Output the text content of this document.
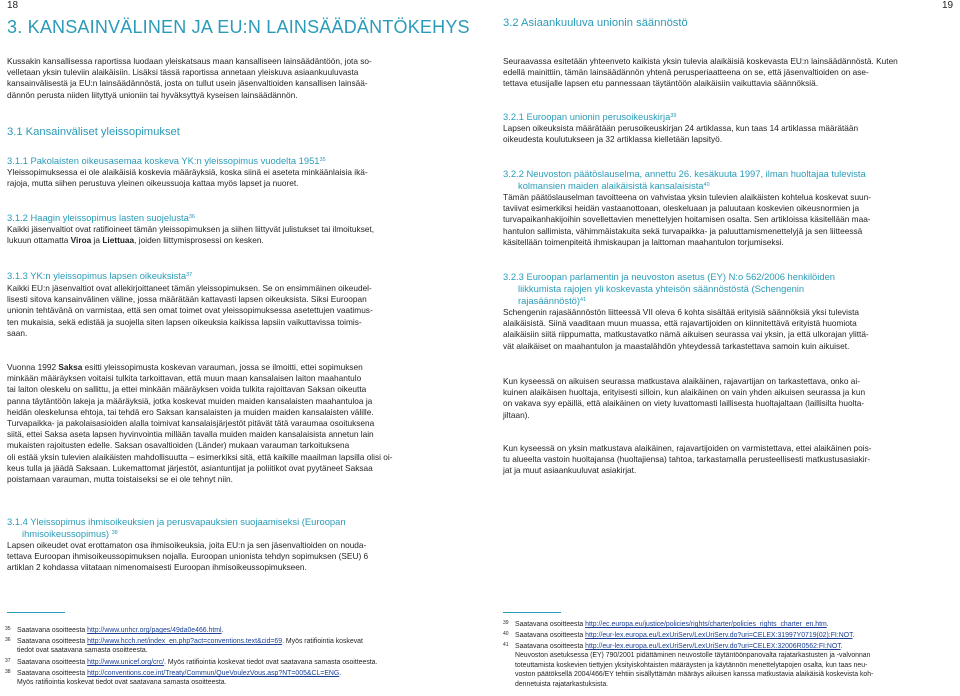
18
3. KANSAINVÄLINEN JA EU:N LAINSÄÄDÄNTÖKEHYS
Kussakin kansallisessa raportissa luodaan yleiskatsaus maan kansalliseen lainsäädäntöön, jota so-
velletaan yksin tuleviin alaikäisiin. Lisäksi tässä raportissa annetaan yleiskuva asiaankuuluvasta
kansainvälisestä ja EU:n lainsäädännöstä, josta on tullut usein jäsenvaltioiden kansallisen lainsää-
dännön perusta niiden liityttyä unioniin tai hyväksyttyä kyseisen lainsäädännön.
3.1 Kansainväliset yleissopimukset
3.1.1 Pakolaisten oikeusasemaa koskeva YK:n yleissopimus vuodelta 1951$^{35}$
Yleissopimuksessa ei ole alaikäisiä koskevia määräyksiä, koska siinä ei aseteta minkäänlaisia ikä-
rajoja, mutta siihen perustuva yleinen oikeussuoja kattaa myös lapset ja nuoret.
3.1.2 Haagin yleissopimus lasten suojelusta$^{36}$
Kaikki jäsenvaltiot ovat ratifioineet tämän yleissopimuksen ja siihen liittyvät julistukset tai ilmoitukset,
lukuun ottamatta Viroa ja Liettuaa, joiden liittymisprosessi on kesken.
3.1.3 YK:n yleissopimus lapsen oikeuksista$^{37}$
Kaikki EU:n jäsenvaltiot ovat allekirjoittaneet tämän yleissopimuksen. Se on ensimmäinen oikeudel-
lisesti sitova kansainvälinen väline, jossa määrätään kattavasti lapsen oikeuksista. Siksi Euroopan
unionin tehtävänä on varmistaa, että sen omat toimet ovat yleissopimuksessa asetettujen vaatimus-
ten mukaisia, sekä edistää ja suojella siten lapsen oikeuksia kaikissa lapsiin vaikuttavissa toimis-
saan.
Vuonna 1992 Saksa esitti yleissopimusta koskevan varauman, jossa se ilmoitti, ettei sopimuksen
minkään määräyksen voitaisi tulkita tarkoittavan, että muun maan kansalaisen laiton maahantulo
tai laiton oleskelu on sallittu, ja ettei minkään määräyksen voida tulkita rajoittavan Saksan oikeutta
panna täytäntöön lakeja ja määräyksiä, jotka koskevat muiden maiden kansalaisten maahantuloa ja
heidän oleskelunsa ehtoja, tai tehdä ero Saksan kansalaisten ja muiden maiden kansalaisten välille.
Turvapaikka- ja pakolaisasioiden alalla toimivat kansalaisjärjestöt pitävät tätä varaumaa osoituksena
siitä, ettei Saksa aseta lapsen hyvinvointia millään tavalla muiden maiden kansalaisista annetun lain
mukaisten rajoitusten edelle. Saksan osavaltioiden (Länder) mukaan varauman tarkoituksena
oli estää yksin tulevien alaikäisten mahdollisuutta – esimerkiksi sitä, että kaikille maailman lapsilla olisi oi-
keus tulla ja jäädä Saksaan. Lukemattomat järjestöt, asiantuntijat ja poliitikot ovat pyytäneet Saksaa
poistamaan varauman, mutta toistaiseksi se ei ole tehnyt niin.
3.1.4 Yleissopimus ihmisoikeuksien ja perusvapauksien suojaamiseksi (Euroopan
ihmisoikeussopimus) $^{38}$
Lapsen oikeudet ovat erottamaton osa ihmisoikeuksia, joita EU:n ja sen jäsenvaltioiden on nouda-
tettava Euroopan ihmisoikeussopimuksen nojalla. Euroopan unionista tehdyn sopimuksen (SEU) 6
artiklan 2 kohdassa viitataan nimenomaisesti Euroopan ihmisoikeussopimukseen.
35 Saatavana osoitteesta http://www.unhcr.org/pages/49da0e466.html.
36 Saatavana osoitteesta http://www.hcch.net/index_en.php?act=conventions.text&cid=69. Myös ratifiointia koskevat
tiedot ovat saatavana samasta osoitteesta.
37 Saatavana osoitteesta http://www.unicef.org/crc/. Myös ratifiointia koskevat tiedot ovat saatavana samasta osoitteesta.
38 Saatavana osoitteesta http://conventions.coe.int/Treaty/Commun/QueVoulezVous.asp?NT=005&CL=ENG.
Myös ratifiointia koskevat tiedot ovat saatavana samasta osoitteesta.
19
3.2 Asiaankuuluva unionin säännöstö
Seuraavassa esitetään yhteenveto kaikista yksin tulevia alaikäisiä koskevasta EU:n lainsäädännöstä. Kuten
edellä mainittiin, tämän lainsäädännön yhtenä perusperiaatteena on se, että jäsenvaltioiden on ase-
tettava etusijalle lapsen etu pannessaan täytäntöön alaikäisiin vaikuttavia säännöksiä.
3.2.1 Euroopan unionin perusoikeuskirja$^{39}$
Lapsen oikeuksista määrätään perusoikeuskirjan 24 artiklassa, kun taas 14 artiklassa määrätään
oikeudesta koulutukseen ja 32 artiklassa kielletään lapsityö.
3.2.2 Neuvoston päätöslauselma, annettu 26. kesäkuuta 1997, ilman huoltajaa tulevista
kolmansien maiden alaikäisistä kansalaisista$^{40}$
Tämän päätöslauselman tavoitteena on vahvistaa yksin tulevien alaikäisten kohtelua koskevat suun-
taviivat esimerkiksi heidän vastaanottoaan, oleskeluaan ja paluutaan koskevien oikeusnormien ja
turvapaikanhakijoihin sovellettavien menettelyjen hoitamisen osalta. Sen artikloissa käsitellään maa-
hantulon sallimista, vähimmäistakuita sekä turvapaikka- ja paluuttamismenettelyjä ja sen liitteessä
käsitellään toimenpiteitä ihmiskaupan ja laittoman maahantulon torjumiseksi.
3.2.3 Euroopan parlamentin ja neuvoston asetus (EY) N:o 562/2006 henkilöiden
liikkumista rajojen yli koskevasta yhteisön säännöstöstä (Schengenin
rajasäännöstö)$^{41}$
Schengenin rajasäännöstön liitteessä VII oleva 6 kohta sisältää erityisiä säännöksiä yksi tulevista
alaikäisistä. Siinä vaaditaan muun muassa, että rajavartijoiden on kiinnitettävä erityistä huomiota
alaikäisiin siitä riippumatta, matkustavatko nämä aikuisen seurassa vai yksin, ja että ulkorajan ylittä-
vät alaikäiset on maahantulon ja maastalähdön yhteydessä tarkastettava samoin kuin aikuiset.
Kun kyseessä on aikuisen seurassa matkustava alaikäinen, rajavartijan on tarkastettava, onko ai-
kuinen alaikäisen huoltaja, erityisesti silloin, kun alaikäinen on vain yhden aikuisen seurassa ja kun
on vakava syy epäillä, että alaikäinen on viety luvattomasti laillisesta huoltajaltaan (laillisilta huolta-
jiltaan).
Kun kyseessä on yksin matkustava alaikäinen, rajavartijoiden on varmistettava, ettei alaikäinen pois-
tu alueelta vastoin huoltajansa (huoltajiensa) tahtoa, tarkastamalla perusteellisesti matkustusasiakir-
jat ja muut asiaankuuluvat asiakirjat.
39 Saatavana osoitteesta http://ec.europa.eu/justice/policies/rights/charter/policies_rights_charter_en.htm.
40 Saatavana osoitteesta http://eur-lex.europa.eu/LexUriServ/LexUriServ.do?uri=CELEX:31997Y0719(02):FI:NOT.
41 Saatavana osoitteesta http://eur-lex.europa.eu/LexUriServ/LexUriServ.do?uri=CELEX:32006R0562:FI:NOT.
Neuvoston asetuksessa (EY) 790/2001 pidättäminen neuvostolle täytäntöönpanovalta rajatarkastusten ja -valvonnan
toteuttamista koskevien tiettyjen yksityiskohtaisten määräysten ja käytännön menettelytapojen osalta, kun taas neu-
voston päätöksellä 2004/466/EY tehtiin sisällyttämän määräys aikuisen kanssa matkustavia alaikäisiä koskevista koh-
dennetuista rajatarkastuksista.
